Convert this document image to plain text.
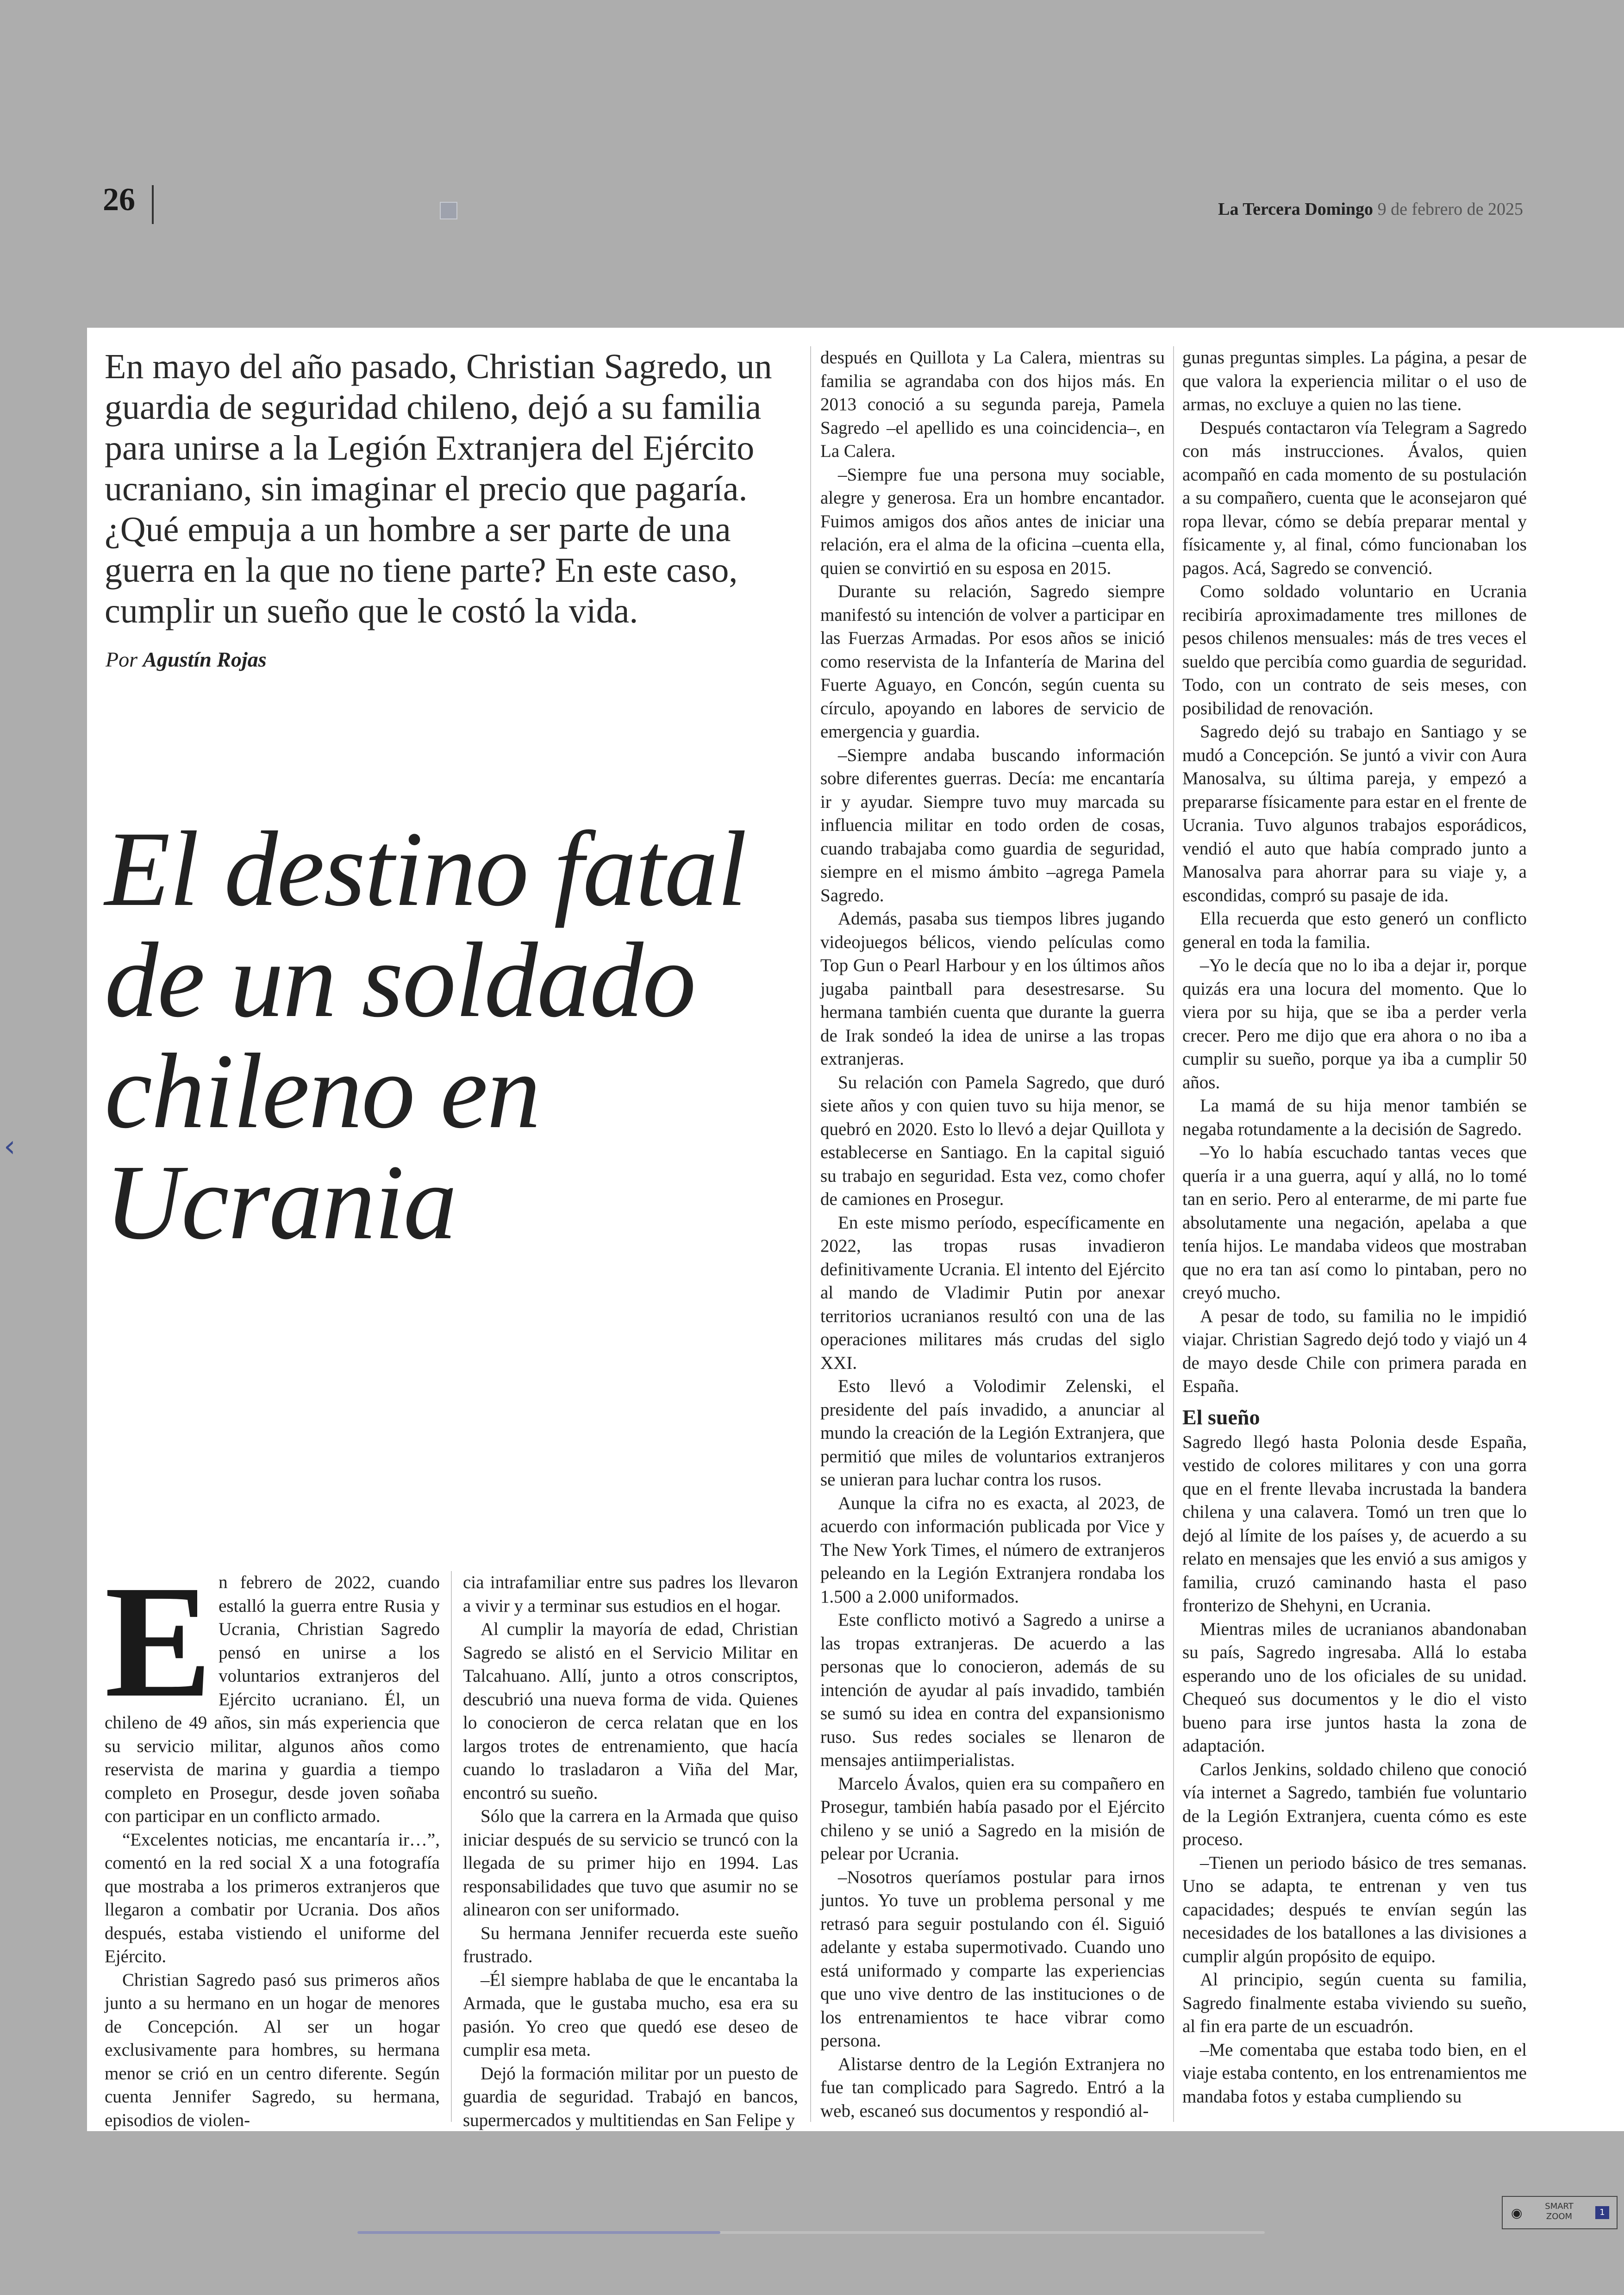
26	La Tercera Domingo 9 de febrero de 2025
‹
En mayo del año pasado, Christian Sagredo, un guardia de seguridad chileno, dejó a su familia para unirse a la Legión Extranjera del Ejército ucraniano, sin imaginar el precio que pagaría. ¿Qué empuja a un hombre a ser parte de una guerra en la que no tiene parte? En este caso, cumplir un sueño que le costó la vida.
Por Agustín Rojas
El destino fatal de un soldado chileno en Ucrania
E n febrero de 2022, cuando estalló la guerra entre Rusia y Ucrania, Christian Sagredo pensó en unirse a los voluntarios extranjeros del Ejército ucraniano. Él, un chileno de 49 años, sin más experiencia que su servicio militar, algunos años como reservista de marina y guardia a tiempo completo en Prosegur, desde joven soñaba con participar en un conflicto armado.

“Excelentes noticias, me encantaría ir…”, comentó en la red social X a una fotografía que mostraba a los primeros extranjeros que llegaron a combatir por Ucrania. Dos años después, estaba vistiendo el uniforme del Ejército.

Christian Sagredo pasó sus primeros años junto a su hermano en un hogar de menores de Concepción. Al ser un hogar exclusivamente para hombres, su hermana menor se crió en un centro diferente. Según cuenta Jennifer Sagredo, su hermana, episodios de violen-

cia intrafamiliar entre sus padres los llevaron a vivir y a terminar sus estudios en el hogar.

Al cumplir la mayoría de edad, Christian Sagredo se alistó en el Servicio Militar en Talcahuano. Allí, junto a otros conscriptos, descubrió una nueva forma de vida. Quienes lo conocieron de cerca relatan que en los largos trotes de entrenamiento, que hacía cuando lo trasladaron a Viña del Mar, encontró su sueño.

Sólo que la carrera en la Armada que quiso iniciar después de su servicio se truncó con la llegada de su primer hijo en 1994. Las responsabilidades que tuvo que asumir no se alinearon con ser uniformado.

Su hermana Jennifer recuerda este sueño frustrado.

–Él siempre hablaba de que le encantaba la Armada, que le gustaba mucho, esa era su pasión. Yo creo que quedó ese deseo de cumplir esa meta.

Dejó la formación militar por un puesto de guardia de seguridad. Trabajó en bancos, supermercados y multitiendas en San Felipe y

después en Quillota y La Calera, mientras su familia se agrandaba con dos hijos más. En 2013 conoció a su segunda pareja, Pamela Sagredo –el apellido es una coincidencia–, en La Calera.

–Siempre fue una persona muy sociable, alegre y generosa. Era un hombre encantador. Fuimos amigos dos años antes de iniciar una relación, era el alma de la oficina –cuenta ella, quien se convirtió en su esposa en 2015.

Durante su relación, Sagredo siempre manifestó su intención de volver a participar en las Fuerzas Armadas. Por esos años se inició como reservista de la Infantería de Marina del Fuerte Aguayo, en Concón, según cuenta su círculo, apoyando en labores de servicio de emergencia y guardia.

–Siempre andaba buscando información sobre diferentes guerras. Decía: me encantaría ir y ayudar. Siempre tuvo muy marcada su influencia militar en todo orden de cosas, cuando trabajaba como guardia de seguridad, siempre en el mismo ámbito –agrega Pamela Sagredo.

Además, pasaba sus tiempos libres jugando videojuegos bélicos, viendo películas como Top Gun o Pearl Harbour y en los últimos años jugaba paintball para desestresarse. Su hermana también cuenta que durante la guerra de Irak sondeó la idea de unirse a las tropas extranjeras.

Su relación con Pamela Sagredo, que duró siete años y con quien tuvo su hija menor, se quebró en 2020. Esto lo llevó a dejar Quillota y establecerse en Santiago. En la capital siguió su trabajo en seguridad. Esta vez, como chofer de camiones en Prosegur.

En este mismo período, específicamente en 2022, las tropas rusas invadieron definitivamente Ucrania. El intento del Ejército al mando de Vladimir Putin por anexar territorios ucranianos resultó con una de las operaciones militares más crudas del siglo XXI.

Esto llevó a Volodimir Zelenski, el presidente del país invadido, a anunciar al mundo la creación de la Legión Extranjera, que permitió que miles de voluntarios extranjeros se unieran para luchar contra los rusos.

Aunque la cifra no es exacta, al 2023, de acuerdo con información publicada por Vice y The New York Times, el número de extranjeros peleando en la Legión Extranjera rondaba los 1.500 a 2.000 uniformados.

Este conflicto motivó a Sagredo a unirse a las tropas extranjeras. De acuerdo a las personas que lo conocieron, además de su intención de ayudar al país invadido, también se sumó su idea en contra del expansionismo ruso. Sus redes sociales se llenaron de mensajes antiimperialistas.

Marcelo Ávalos, quien era su compañero en Prosegur, también había pasado por el Ejército chileno y se unió a Sagredo en la misión de pelear por Ucrania.

–Nosotros queríamos postular para irnos juntos. Yo tuve un problema personal y me retrasó para seguir postulando con él. Siguió adelante y estaba supermotivado. Cuando uno está uniformado y comparte las experiencias que uno vive dentro de las instituciones o de los entrenamientos te hace vibrar como persona.

Alistarse dentro de la Legión Extranjera no fue tan complicado para Sagredo. Entró a la web, escaneó sus documentos y respondió al-

gunas preguntas simples. La página, a pesar de que valora la experiencia militar o el uso de armas, no excluye a quien no las tiene.

Después contactaron vía Telegram a Sagredo con más instrucciones. Ávalos, quien acompañó en cada momento de su postulación a su compañero, cuenta que le aconsejaron qué ropa llevar, cómo se debía preparar mental y físicamente y, al final, cómo funcionaban los pagos. Acá, Sagredo se convenció.

Como soldado voluntario en Ucrania recibiría aproximadamente tres millones de pesos chilenos mensuales: más de tres veces el sueldo que percibía como guardia de seguridad. Todo, con un contrato de seis meses, con posibilidad de renovación.

Sagredo dejó su trabajo en Santiago y se mudó a Concepción. Se juntó a vivir con Aura Manosalva, su última pareja, y empezó a prepararse físicamente para estar en el frente de Ucrania. Tuvo algunos trabajos esporádicos, vendió el auto que había comprado junto a Manosalva para ahorrar para su viaje y, a escondidas, compró su pasaje de ida.

Ella recuerda que esto generó un conflicto general en toda la familia.

–Yo le decía que no lo iba a dejar ir, porque quizás era una locura del momento. Que lo viera por su hija, que se iba a perder verla crecer. Pero me dijo que era ahora o no iba a cumplir su sueño, porque ya iba a cumplir 50 años.

La mamá de su hija menor también se negaba rotundamente a la decisión de Sagredo.

–Yo lo había escuchado tantas veces que quería ir a una guerra, aquí y allá, no lo tomé tan en serio. Pero al enterarme, de mi parte fue absolutamente una negación, apelaba a que tenía hijos. Le mandaba videos que mostraban que no era tan así como lo pintaban, pero no creyó mucho.

A pesar de todo, su familia no le impidió viajar. Christian Sagredo dejó todo y viajó un 4 de mayo desde Chile con primera parada en España.

El sueño

Sagredo llegó hasta Polonia desde España, vestido de colores militares y con una gorra que en el frente llevaba incrustada la bandera chilena y una calavera. Tomó un tren que lo dejó al límite de los países y, de acuerdo a su relato en mensajes que les envió a sus amigos y familia, cruzó caminando hasta el paso fronterizo de Shehyni, en Ucrania.

Mientras miles de ucranianos abandonaban su país, Sagredo ingresaba. Allá lo estaba esperando uno de los oficiales de su unidad. Chequeó sus documentos y le dio el visto bueno para irse juntos hasta la zona de adaptación.

Carlos Jenkins, soldado chileno que conoció vía internet a Sagredo, también fue voluntario de la Legión Extranjera, cuenta cómo es este proceso.

–Tienen un periodo básico de tres semanas. Uno se adapta, te entrenan y ven tus capacidades; después te envían según las necesidades de los batallones a las divisiones a cumplir algún propósito de equipo.

Al principio, según cuenta su familia, Sagredo finalmente estaba viviendo su sueño, al fin era parte de un escuadrón.

–Me comentaba que estaba todo bien, en el viaje estaba contento, en los entrenamientos me mandaba fotos y estaba cumpliendo su

◉	SMART
ZOOM	1
